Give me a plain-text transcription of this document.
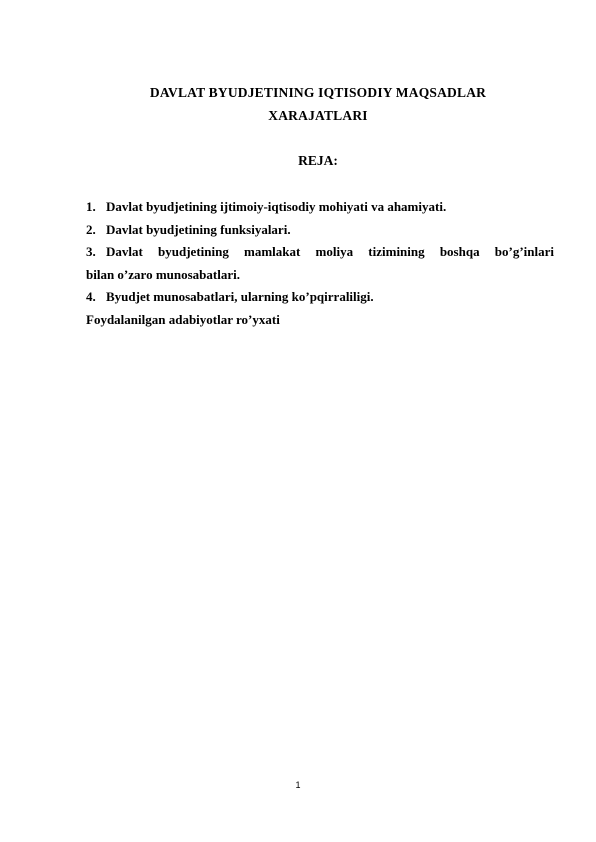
DAVLAT BYUDJETINING IQTISODIY MAQSADLAR
XARAJATLARI
REJA:
1. Davlat byudjetining ijtimoiy-iqtisodiy mohiyati va ahamiyati.
2. Davlat byudjetining funksiyalari.
3. Davlat byudjetining mamlakat moliya tizimining boshqa bo’g’inlari
bilan o’zaro munosabatlari.
4. Byudjet munosabatlari, ularning ko’pqirraliligi.
Foydalanilgan adabiyotlar ro’yxati
1
